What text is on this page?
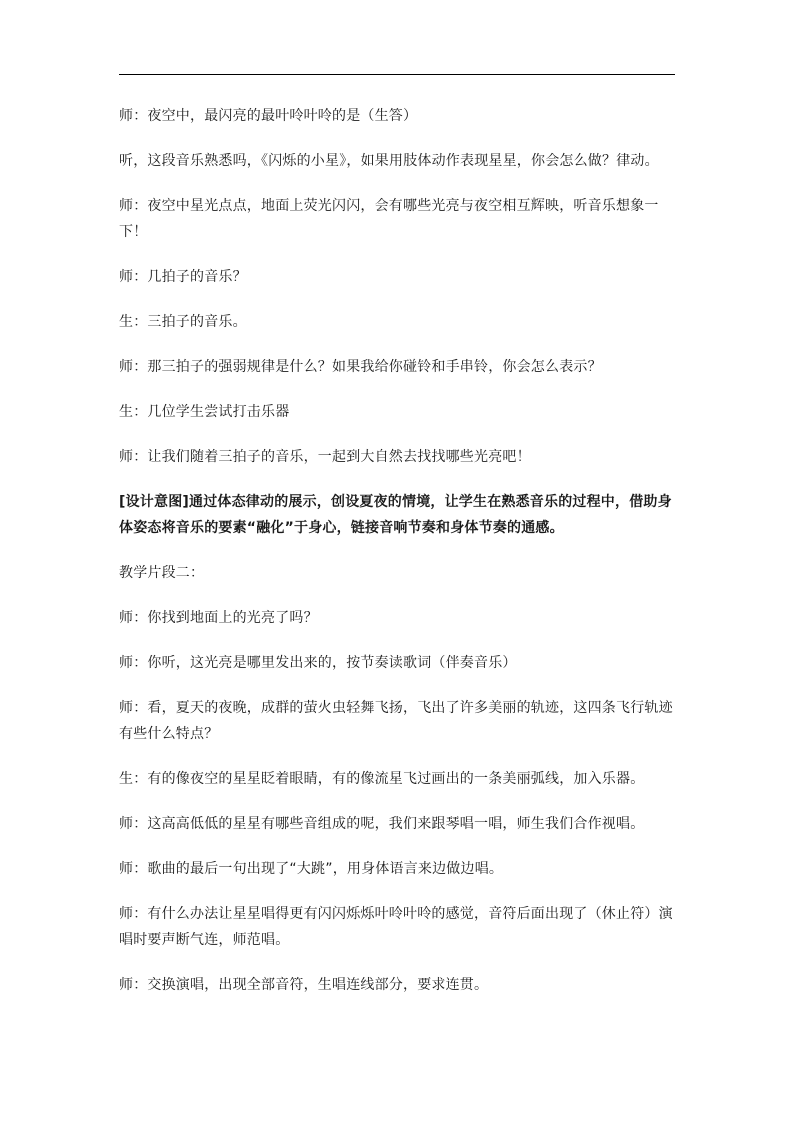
师：夜空中，最闪亮的最叶呤叶呤的是（生答）

听，这段音乐熟悉吗，《闪烁的小星》，如果用肢体动作表现星星，你会怎么做？律动。

师：夜空中星光点点，地面上荧光闪闪，会有哪些光亮与夜空相互辉映，听音乐想象一下！

师：几拍子的音乐？

生：三拍子的音乐。

师：那三拍子的强弱规律是什么？如果我给你碰铃和手串铃，你会怎么表示？

生：几位学生尝试打击乐器

师：让我们随着三拍子的音乐，一起到大自然去找找哪些光亮吧！

[设计意图]通过体态律动的展示，创设夏夜的情境，让学生在熟悉音乐的过程中，借助身体姿态将音乐的要素“融化”于身心，链接音响节奏和身体节奏的通感。

教学片段二：

师：你找到地面上的光亮了吗？

师：你听，这光亮是哪里发出来的，按节奏读歌词（伴奏音乐）

师：看，夏天的夜晚，成群的萤火虫轻舞飞扬，飞出了许多美丽的轨迹，这四条飞行轨迹有些什么特点？

生：有的像夜空的星星眨着眼睛，有的像流星飞过画出的一条美丽弧线，加入乐器。

师：这高高低低的星星有哪些音组成的呢，我们来跟琴唱一唱，师生我们合作视唱。

师：歌曲的最后一句出现了“大跳”，用身体语言来边做边唱。

师：有什么办法让星星唱得更有闪闪烁烁叶呤叶呤的感觉，音符后面出现了（休止符）演唱时要声断气连，师范唱。

师：交换演唱，出现全部音符，生唱连线部分，要求连贯。
